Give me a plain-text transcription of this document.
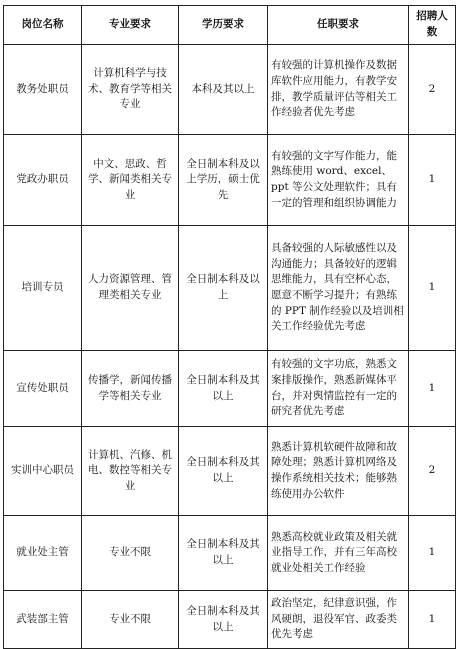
岗位名称	专业要求	学历要求	任职要求	招聘人数
教务处职员	计算机科学与技术、教育学等相关专业	本科及其以上	有较强的计算机操作及数据库软件应用能力，有教学安排，教学质量评估等相关工作经验者优先考虑	2
党政办职员	中文、思政、哲学、新闻类相关专业	全日制本科及以上学历，硕士优先	有较强的文字写作能力，能熟练使用 word、excel、ppt 等公文处理软件；具有一定的管理和组织协调能力	1
培训专员	人力资源管理、管理类相关专业	全日制本科及以上	具备较强的人际敏感性以及沟通能力；具备较好的逻辑思维能力，具有空杯心态，愿意不断学习提升；有熟练的 PPT 制作经验以及培训相关工作经验优先考虑	1
宣传处职员	传播学，新闻传播学等相关专业	全日制本科及其以上	有较强的文字功底，熟悉文案排版操作，熟悉新媒体平台，并对舆情监控有一定的研究者优先考虑	1
实训中心职员	计算机、汽修、机电、数控等相关专业	全日制本科及其以上	熟悉计算机软硬件故障和故障处理；熟悉计算机网络及操作系统相关技术；能够熟练使用办公软件	2
就业处主管	专业不限	全日制本科及其以上	熟悉高校就业政策及相关就业指导工作，并有三年高校就业处相关工作经验	1
武装部主管	专业不限	全日制本科及其以上	政治坚定，纪律意识强，作风硬朗，退役军官、政委类优先考虑	1
